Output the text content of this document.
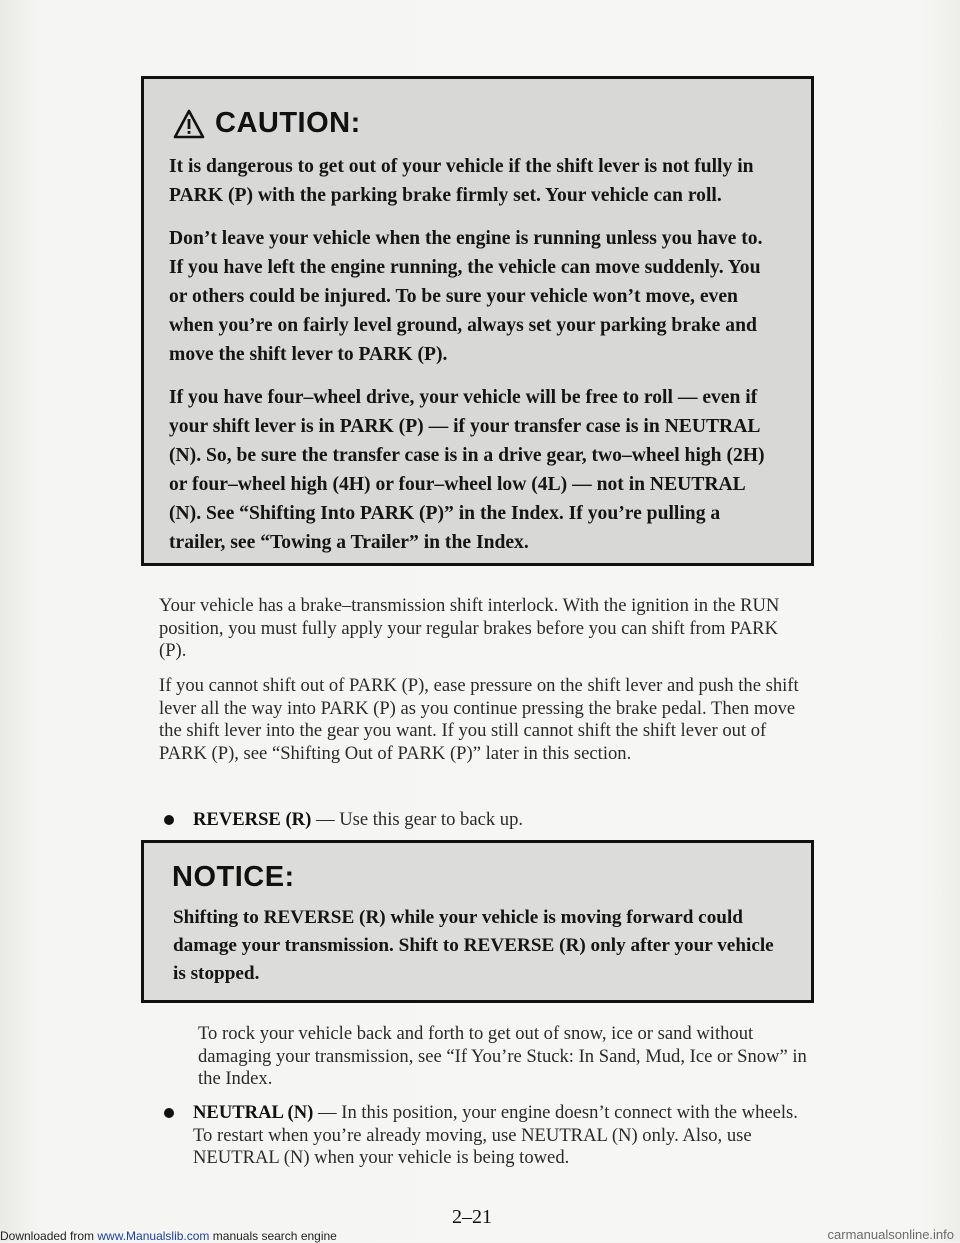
CAUTION:

It is dangerous to get out of your vehicle if the shift lever is not fully in PARK (P) with the parking brake firmly set. Your vehicle can roll.

Don’t leave your vehicle when the engine is running unless you have to. If you have left the engine running, the vehicle can move suddenly. You or others could be injured. To be sure your vehicle won’t move, even when you’re on fairly level ground, always set your parking brake and move the shift lever to PARK (P).

If you have four–wheel drive, your vehicle will be free to roll — even if your shift lever is in PARK (P) — if your transfer case is in NEUTRAL (N). So, be sure the transfer case is in a drive gear, two–wheel high (2H) or four–wheel high (4H) or four–wheel low (4L) — not in NEUTRAL (N). See “Shifting Into PARK (P)” in the Index. If you’re pulling a trailer, see “Towing a Trailer” in the Index.

Your vehicle has a brake–transmission shift interlock. With the ignition in the RUN position, you must fully apply your regular brakes before you can shift from PARK (P).

If you cannot shift out of PARK (P), ease pressure on the shift lever and push the shift lever all the way into PARK (P) as you continue pressing the brake pedal. Then move the shift lever into the gear you want. If you still cannot shift the shift lever out of PARK (P), see “Shifting Out of PARK (P)” later in this section.

REVERSE (R) — Use this gear to back up.

NOTICE:

Shifting to REVERSE (R) while your vehicle is moving forward could damage your transmission. Shift to REVERSE (R) only after your vehicle is stopped.

To rock your vehicle back and forth to get out of snow, ice or sand without damaging your transmission, see “If You’re Stuck: In Sand, Mud, Ice or Snow” in the Index.

NEUTRAL (N) — In this position, your engine doesn’t connect with the wheels. To restart when you’re already moving, use NEUTRAL (N) only. Also, use NEUTRAL (N) when your vehicle is being towed.

2–21
Downloaded from www.Manualslib.com manuals search engine	carmanualsonline.info
